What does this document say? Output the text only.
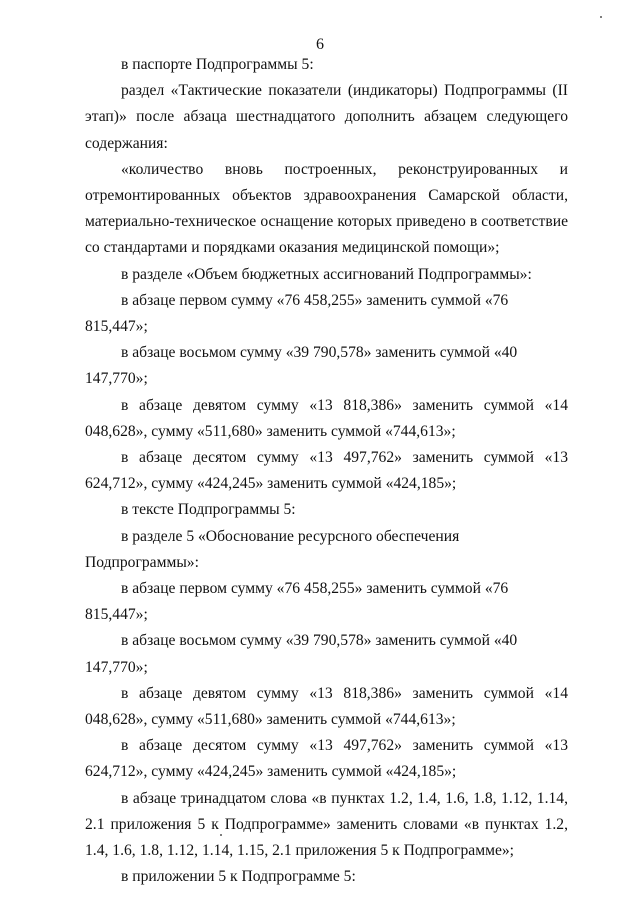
6

в паспорте Подпрограммы 5:

раздел «Тактические показатели (индикаторы) Подпрограммы (II этап)» после абзаца шестнадцатого дополнить абзацем следующего содержания:

«количество вновь построенных, реконструированных и отремонтированных объектов здравоохранения Самарской области, материально-техническое оснащение которых приведено в соответствие со стандартами и порядками оказания медицинской помощи»;

в разделе «Объем бюджетных ассигнований Подпрограммы»:

в абзаце первом сумму «76 458,255» заменить суммой «76 815,447»;

в абзаце восьмом сумму «39 790,578» заменить суммой «40 147,770»;

в абзаце девятом сумму «13 818,386» заменить суммой «14 048,628», сумму «511,680» заменить суммой «744,613»;

в абзаце десятом сумму «13 497,762» заменить суммой «13 624,712», сумму «424,245» заменить суммой «424,185»;

в тексте Подпрограммы 5:

в разделе 5 «Обоснование ресурсного обеспечения Подпрограммы»:

в абзаце первом сумму «76 458,255» заменить суммой «76 815,447»;

в абзаце восьмом сумму «39 790,578» заменить суммой «40 147,770»;

в абзаце девятом сумму «13 818,386» заменить суммой «14 048,628», сумму «511,680» заменить суммой «744,613»;

в абзаце десятом сумму «13 497,762» заменить суммой «13 624,712», сумму «424,245» заменить суммой «424,185»;

в абзаце тринадцатом слова «в пунктах 1.2, 1.4, 1.6, 1.8, 1.12, 1.14, 2.1 приложения 5 к Подпрограмме» заменить словами «в пунктах 1.2, 1.4, 1.6, 1.8, 1.12, 1.14, 1.15, 2.1 приложения 5 к Подпрограмме»;

в приложении 5 к Подпрограмме 5:
